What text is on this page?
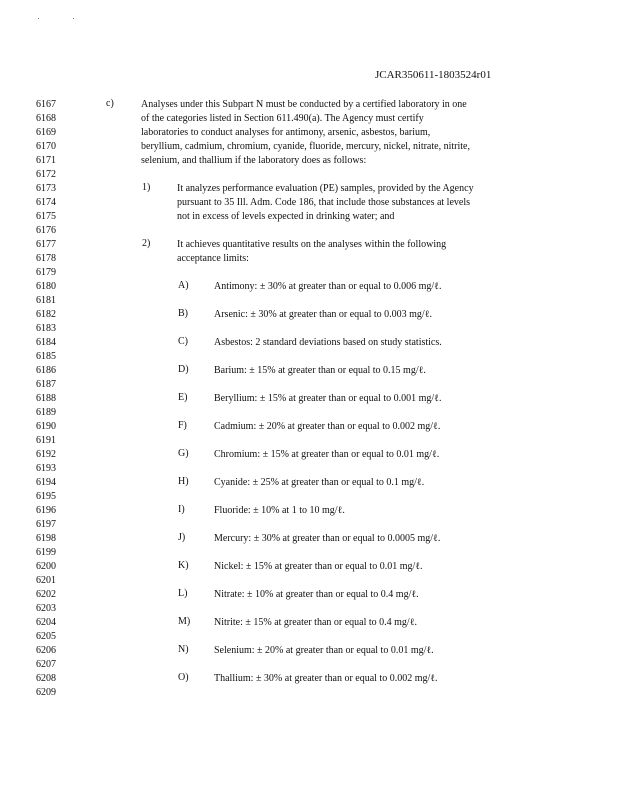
JCAR350611-1803524r01
6167
6168
6169
6170
6171
6172
6173
6174
6175
6176
6177
6178
6179
6180
6181
6182
6183
6184
6185
6186
6187
6188
6189
6190
6191
6192
6193
6194
6195
6196
6197
6198
6199
6200
6201
6202
6203
6204
6205
6206
6207
6208
6209
c)	Analyses under this Subpart N must be conducted by a certified laboratory in one
of the categories listed in Section 611.490(a). The Agency must certify
laboratories to conduct analyses for antimony, arsenic, asbestos, barium,
beryllium, cadmium, chromium, cyanide, fluoride, mercury, nickel, nitrate, nitrite,
selenium, and thallium if the laboratory does as follows:
1)	It analyzes performance evaluation (PE) samples, provided by the Agency
pursuant to 35 Ill. Adm. Code 186, that include those substances at levels
not in excess of levels expected in drinking water; and
2)	It achieves quantitative results on the analyses within the following
acceptance limits:
A)	Antimony: ± 30% at greater than or equal to 0.006 mg/ℓ.
B)	Arsenic: ± 30% at greater than or equal to 0.003 mg/ℓ.
C)	Asbestos: 2 standard deviations based on study statistics.
D)	Barium: ± 15% at greater than or equal to 0.15 mg/ℓ.
E)	Beryllium: ± 15% at greater than or equal to 0.001 mg/ℓ.
F)	Cadmium: ± 20% at greater than or equal to 0.002 mg/ℓ.
G)	Chromium: ± 15% at greater than or equal to 0.01 mg/ℓ.
H)	Cyanide: ± 25% at greater than or equal to 0.1 mg/ℓ.
I)	Fluoride: ± 10% at 1 to 10 mg/ℓ.
J)	Mercury: ± 30% at greater than or equal to 0.0005 mg/ℓ.
K)	Nickel: ± 15% at greater than or equal to 0.01 mg/ℓ.
L)	Nitrate: ± 10% at greater than or equal to 0.4 mg/ℓ.
M) Nitrite: ± 15% at greater than or equal to 0.4 mg/ℓ.
N)	Selenium: ± 20% at greater than or equal to 0.01 mg/ℓ.
O)	Thallium: ± 30% at greater than or equal to 0.002 mg/ℓ.
